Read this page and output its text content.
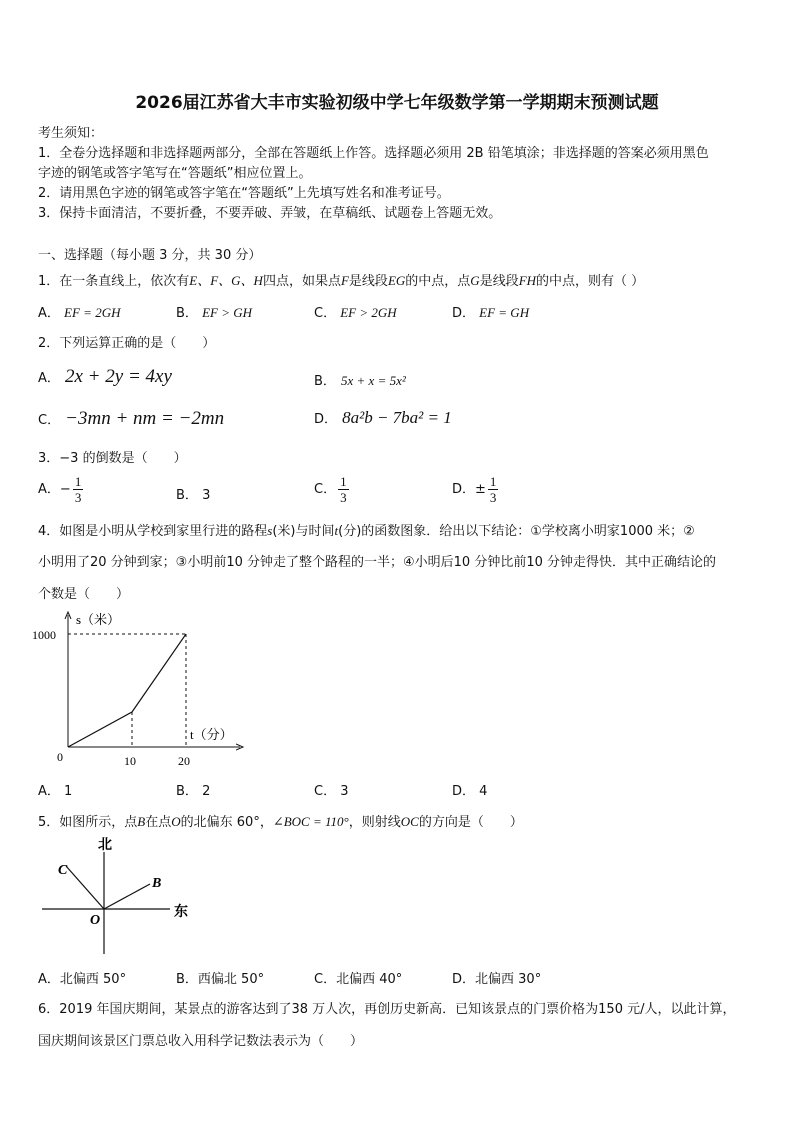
2026届江苏省大丰市实验初级中学七年级数学第一学期期末预测试题
考生须知：
1．全卷分选择题和非选择题两部分，全部在答题纸上作答。选择题必须用 2B 铅笔填涂；非选择题的答案必须用黑色
字迹的钢笔或答字笔写在“答题纸”相应位置上。
2．请用黑色字迹的钢笔或答字笔在“答题纸”上先填写姓名和准考证号。
3．保持卡面清洁，不要折叠，不要弄破、弄皱，在草稿纸、试题卷上答题无效。
一、选择题（每小题 3 分，共 30 分）
1．在一条直线上，依次有E、F、G、H四点，如果点F是线段EG的中点，点G是线段FH的中点，则有（ ）
A． EF = 2GH	B． EF > GH	C． EF > 2GH	D． EF = GH
2．下列运算正确的是（　　）
A． 2x + 2y = 4xy	B． 5x + x = 5x²
C． −3mn + nm = −2mn	D． 8a²b − 7ba² = 1
3．−3 的倒数是（　　）
A．− $\frac{1}{3}$	B． 3	C． $\frac{1}{3}$	D．± $\frac{1}{3}$
4．如图是小明从学校到家里行进的路程s(米)与时间t(分)的函数图象．给出以下结论：①学校离小明家1000 米；②
小明用了20 分钟到家；③小明前10 分钟走了整个路程的一半；④小明后10 分钟比前10 分钟走得快．其中正确结论的
个数是（　　）
s（米）
1000
0	10	20
t（分）
A． 1	B． 2	C． 3	D． 4
5．如图所示，点B在点O的北偏东 60°，∠BOC = 110°，则射线OC的方向是（　　）
北
东
C
B
O
A．北偏西 50°	B．西偏北 50°	C．北偏西 40°	D．北偏西 30°
6．2019 年国庆期间，某景点的游客达到了38 万人次，再创历史新高．已知该景点的门票价格为150 元/人，以此计算，
国庆期间该景区门票总收入用科学记数法表示为（　　）
